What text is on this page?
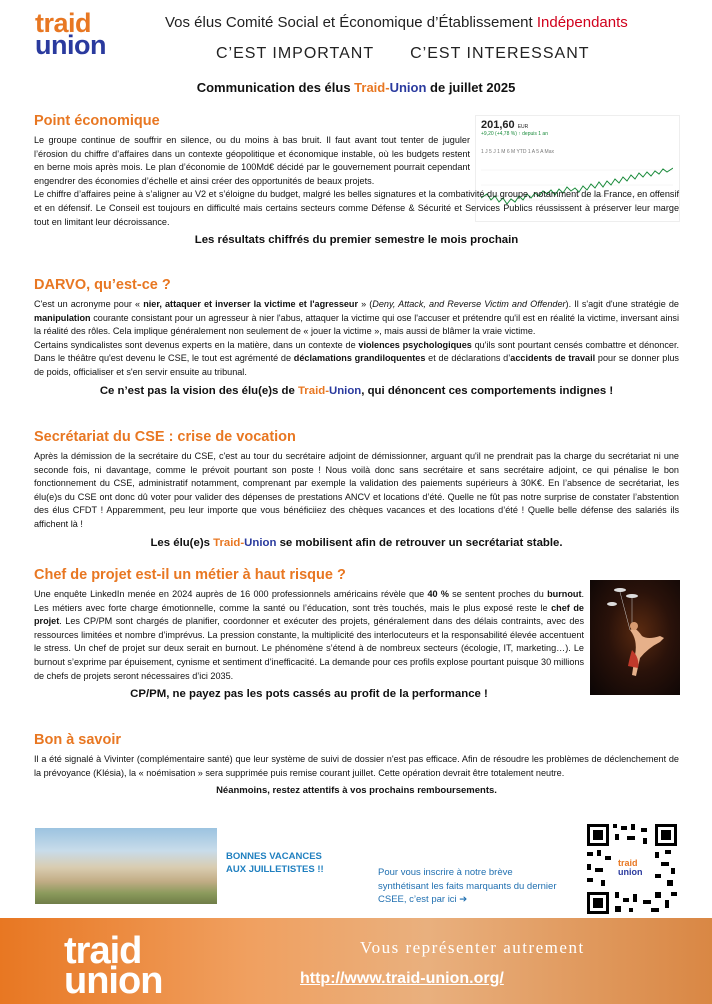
traid
union
Vos élus Comité Social et Économique d’Établissement Indépendants
C’EST IMPORTANT C’EST INTERESSANT
Communication des élus Traid-Union de juillet 2025
201,60 EUR
+9,20 (+4,78 %) ↑ depuis 1 an
1 J 5 J 1 M 6 M YTD 1 A 5 A Max
Point économique

Le groupe continue de souffrir en silence, ou du moins à bas bruit. Il faut avant tout tenter de juguler l’érosion du chiffre d’affaires dans un contexte géopolitique et économique instable, où les budgets restent en berne mois après mois. Le plan d’économie de 100Md€ décidé par le gouvernement pourrait cependant engendrer des économies d’échelle et ainsi créer des opportunités de beaux projets.

Le chiffre d’affaires peine à s’aligner au V2 et s’éloigne du budget, malgré les belles signatures et la combativité du groupe, notamment de la France, en offensif et en défensif. Le Conseil est toujours en difficulté mais certains secteurs comme Défense & Sécurité et Services Publics réussissent à préserver leur marge tout en limitant leur décroissance.

Les résultats chiffrés du premier semestre le mois prochain
DARVO, qu’est-ce ?

C'est un acronyme pour « nier, attaquer et inverser la victime et l'agresseur » (Deny, Attack, and Reverse Victim and Offender). Il s'agit d'une stratégie de manipulation courante consistant pour un agresseur à nier l'abus, attaquer la victime qui ose l'accuser et prétendre qu'il est en réalité la victime, inversant ainsi la réalité des rôles. Cela implique généralement non seulement de « jouer la victime », mais aussi de blâmer la vraie victime.

Certains syndicalistes sont devenus experts en la matière, dans un contexte de violences psychologiques qu'ils sont pourtant censés combattre et dénoncer. Dans le théâtre qu'est devenu le CSE, le tout est agrémenté de déclamations grandiloquentes et de déclarations d’accidents de travail pour se donner plus de poids, officialiser et s'en servir ensuite au tribunal.

Ce n’est pas la vision des élu(e)s de Traid-Union, qui dénoncent ces comportements indignes !
Secrétariat du CSE : crise de vocation

Après la démission de la secrétaire du CSE, c'est au tour du secrétaire adjoint de démissionner, arguant qu'il ne prendrait pas la charge du secrétariat ni une seconde fois, ni davantage, comme le prévoit pourtant son poste ! Nous voilà donc sans secrétaire et sans secrétaire adjoint, ce qui pénalise le bon fonctionnement du CSE, administratif notamment, comprenant par exemple la validation des paiements supérieurs à 30K€. En l’absence de secrétariat, les élu(e)s du CSE ont donc dû voter pour valider des dépenses de prestations ANCV et locations d’été. Quelle ne fût pas notre surprise de constater l’abstention des élus CFDT ! Apparemment, peu leur importe que vous bénéficiiez des chèques vacances et des locations d’été ! Quelle belle défense des salariés ils affichent là !

Les élu(e)s Traid-Union se mobilisent afin de retrouver un secrétariat stable.
Chef de projet est-il un métier à haut risque ?

Une enquête LinkedIn menée en 2024 auprès de 16 000 professionnels américains révèle que 40 % se sentent proches du burnout. Les métiers avec forte charge émotionnelle, comme la santé ou l’éducation, sont très touchés, mais le plus exposé reste le chef de projet. Les CP/PM sont chargés de planifier, coordonner et exécuter des projets, généralement dans des délais contraints, avec des ressources limitées et nombre d’imprévus. La pression constante, la multiplicité des interlocuteurs et la responsabilité élevée accentuent le stress. Un chef de projet sur deux serait en burnout. Le phénomène s’étend à de nombreux secteurs (écologie, IT, marketing…). Le burnout s’exprime par épuisement, cynisme et sentiment d’inefficacité. La demande pour ces profils explose pourtant puisque 30 millions de chefs de projets seront nécessaires d’ici 2035.

CP/PM, ne payez pas les pots cassés au profit de la performance !
Bon à savoir

Il a été signalé à Vivinter (complémentaire santé) que leur système de suivi de dossier n'est pas efficace. Afin de résoudre les problèmes de déclenchement de la prévoyance (Klésia), la « noémisation » sera supprimée puis remise courant juillet. Cette opération devrait être totalement neutre.

Néanmoins, restez attentifs à vos prochains remboursements.
BONNES VACANCES
AUX JUILLETISTES !!	Pour vous inscrire à notre brève synthétisant les faits marquants du dernier CSEE, c’est par ici ➔
traid
union
traid
union
Vous représenter autrement
http://www.traid-union.org/
